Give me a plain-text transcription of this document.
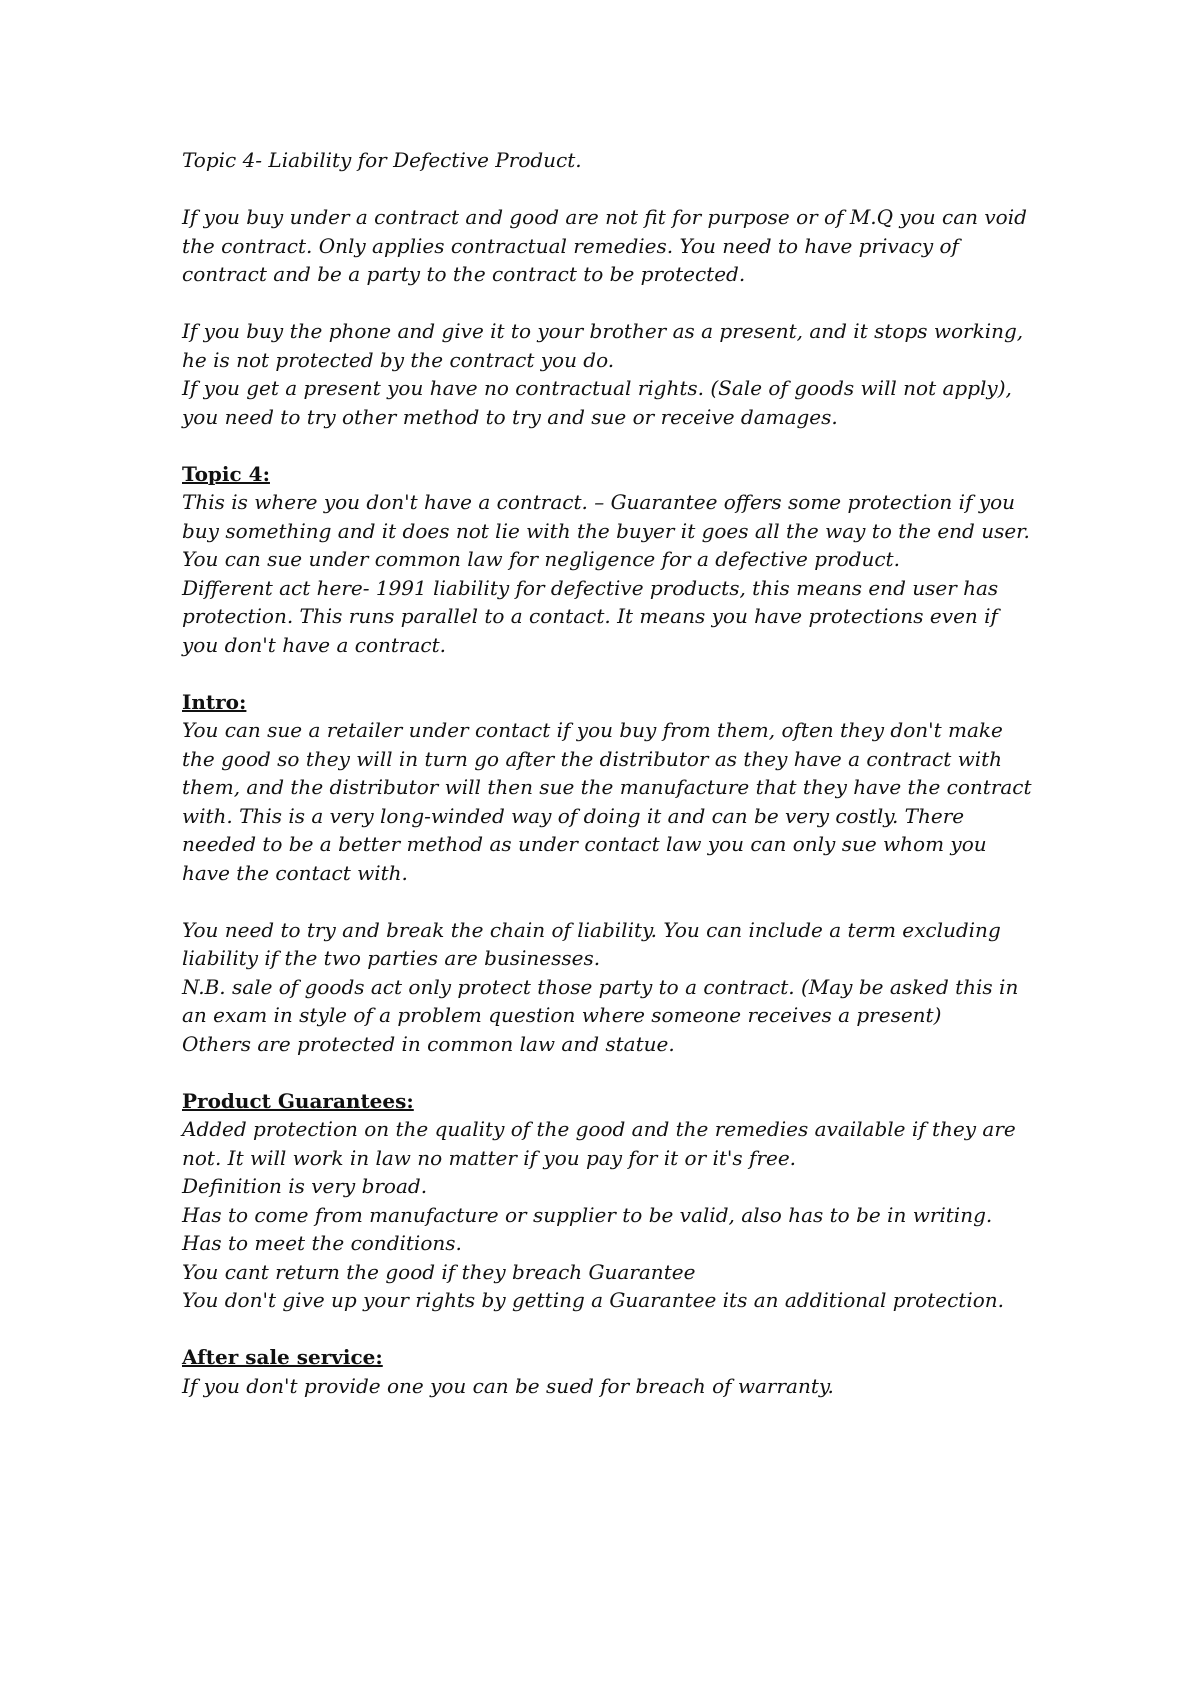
Topic 4- Liability for Defective Product.
If you buy under a contract and good are not fit for purpose or of M.Q you can void
the contract. Only applies contractual remedies. You need to have privacy of
contract and be a party to the contract to be protected.
If you buy the phone and give it to your brother as a present, and it stops working,
he is not protected by the contract you do.
If you get a present you have no contractual rights. (Sale of goods will not apply),
you need to try other method to try and sue or receive damages.
Topic 4:
This is where you don't have a contract. – Guarantee offers some protection if you
buy something and it does not lie with the buyer it goes all the way to the end user.
You can sue under common law for negligence for a defective product.
Different act here- 1991 liability for defective products, this means end user has
protection. This runs parallel to a contact. It means you have protections even if
you don't have a contract.
Intro:
You can sue a retailer under contact if you buy from them, often they don't make
the good so they will in turn go after the distributor as they have a contract with
them, and the distributor will then sue the manufacture that they have the contract
with. This is a very long-winded way of doing it and can be very costly. There
needed to be a better method as under contact law you can only sue whom you
have the contact with.
You need to try and break the chain of liability. You can include a term excluding
liability if the two parties are businesses.
N.B. sale of goods act only protect those party to a contract. (May be asked this in
an exam in style of a problem question where someone receives a present)
Others are protected in common law and statue.
Product Guarantees:
Added protection on the quality of the good and the remedies available if they are
not. It will work in law no matter if you pay for it or it's free.
Definition is very broad.
Has to come from manufacture or supplier to be valid, also has to be in writing.
Has to meet the conditions.
You cant return the good if they breach Guarantee
You don't give up your rights by getting a Guarantee its an additional protection.
After sale service:
If you don't provide one you can be sued for breach of warranty.
